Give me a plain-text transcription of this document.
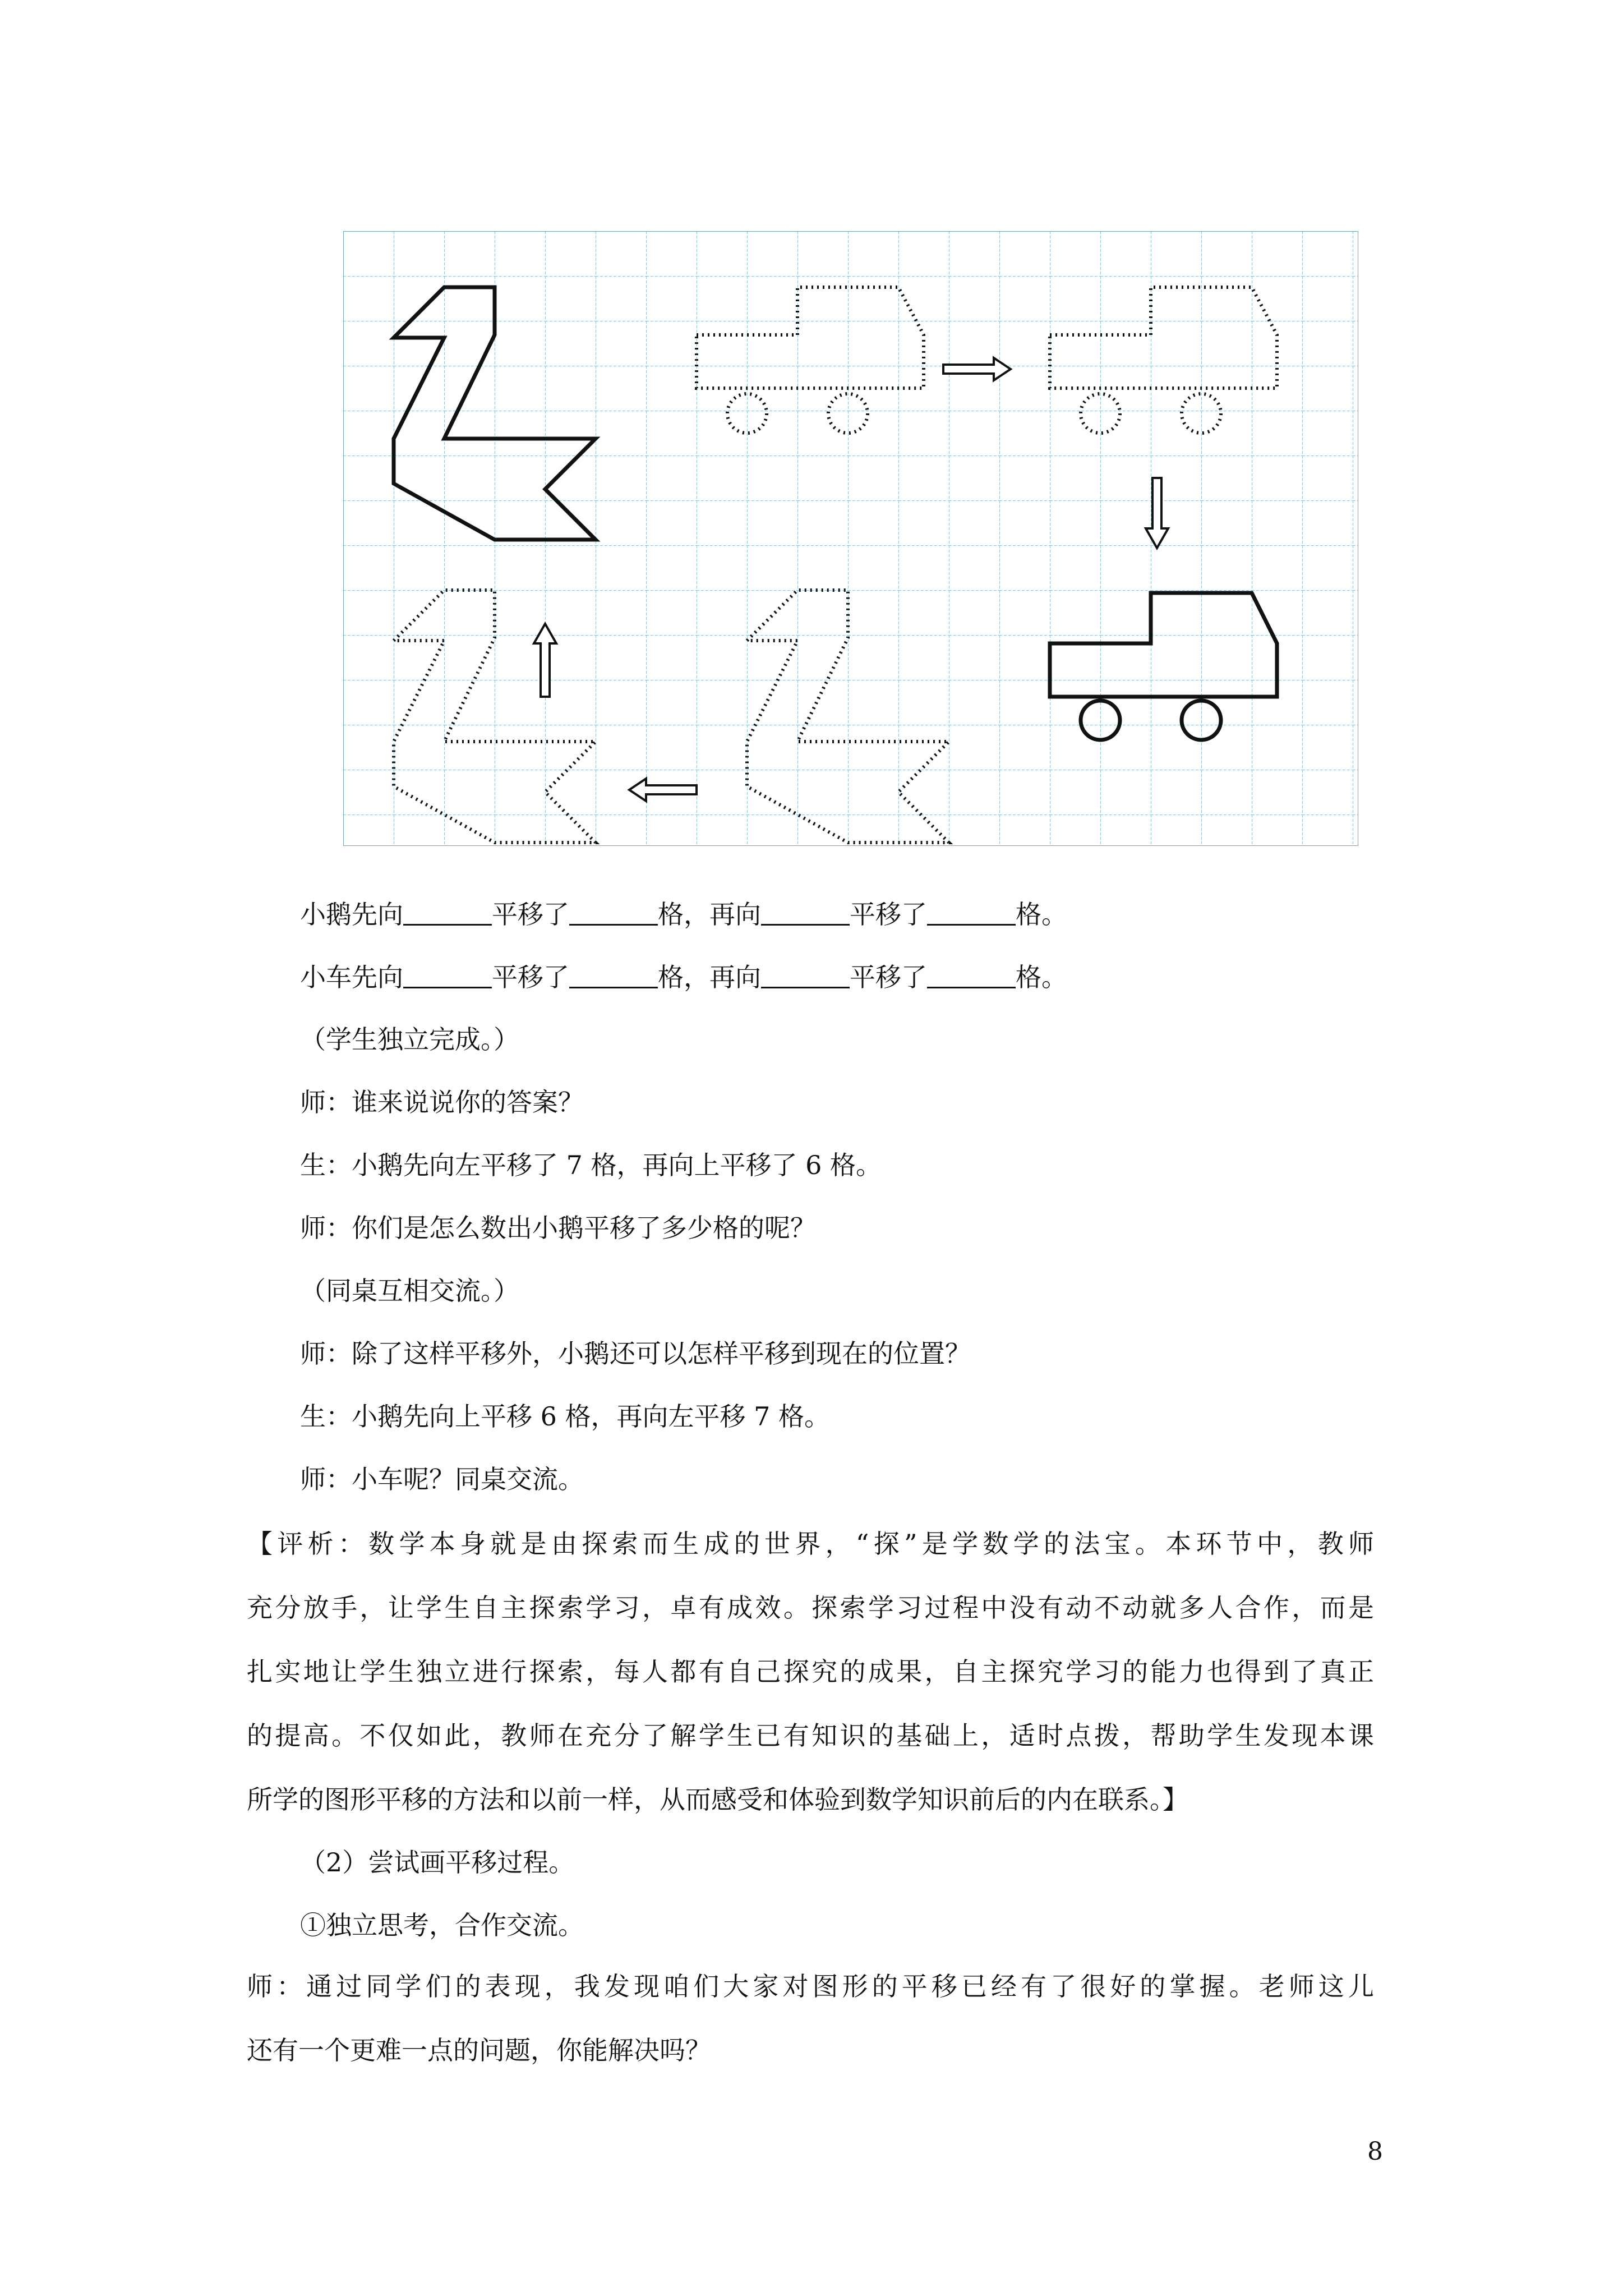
小鹅先向	平移了	格，再向	平移了	格。
小车先向	平移了	格，再向	平移了	格。
（学生独立完成。）
师：谁来说说你的答案？
生：小鹅先向左平移了 7 格，再向上平移了 6 格。
师：你们是怎么数出小鹅平移了多少格的呢？
（同桌互相交流。）
师：除了这样平移外，小鹅还可以怎样平移到现在的位置？
生：小鹅先向上平移 6 格，再向左平移 7 格。
师：小车呢？同桌交流。
【评析：数学本身就是由探索而生成的世界，“探”是学数学的法宝。本环节中，教师
充分放手，让学生自主探索学习，卓有成效。探索学习过程中没有动不动就多人合作，而是
扎实地让学生独立进行探索，每人都有自己探究的成果，自主探究学习的能力也得到了真正
的提高。不仅如此，教师在充分了解学生已有知识的基础上，适时点拨，帮助学生发现本课
所学的图形平移的方法和以前一样，从而感受和体验到数学知识前后的内在联系。】
（2）尝试画平移过程。
①独立思考，合作交流。
师：通过同学们的表现，我发现咱们大家对图形的平移已经有了很好的掌握。老师这儿
还有一个更难一点的问题，你能解决吗？
8
